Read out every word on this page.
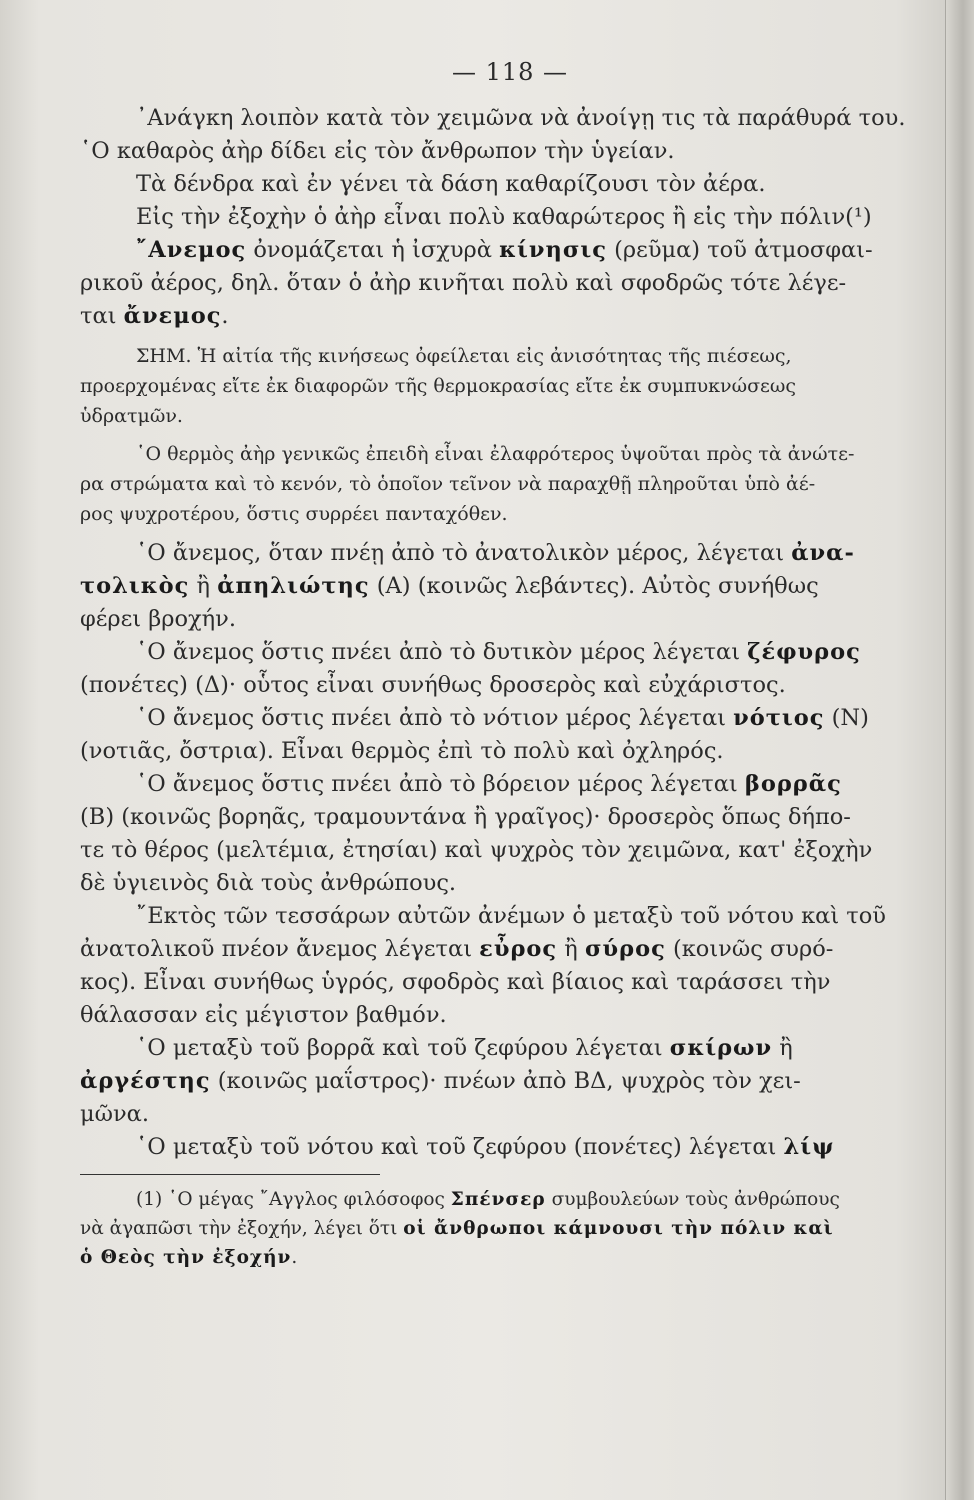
— 118 —
᾿Ανάγκη λοιπὸν κατὰ τὸν χειμῶνα νὰ ἀνοίγῃ τις τὰ παράθυρά του.
῾Ο καθαρὸς ἀὴρ δίδει εἰς τὸν ἄνθρωπον τὴν ὑγείαν.
Τὰ δένδρα καὶ ἐν γένει τὰ δάση καθαρίζουσι τὸν ἀέρα.
Εἰς τὴν ἐξοχὴν ὁ ἀὴρ εἶναι πολὺ καθαρώτερος ἢ εἰς τὴν πόλιν(¹)
῎Ανεμος ὀνομάζεται ἡ ἰσχυρὰ κίνησις (ρεῦμα) τοῦ ἀτμοσφαι-
ρικοῦ ἀέρος, δηλ. ὅταν ὁ ἀὴρ κινῆται πολὺ καὶ σφοδρῶς τότε λέγε-
ται ἄνεμος.
ΣΗΜ. Ἡ αἰτία τῆς κινήσεως ὀφείλεται εἰς ἀνισότητας τῆς πιέσεως,
προερχομένας εἴτε ἐκ διαφορῶν τῆς θερμοκρασίας εἴτε ἐκ συμπυκνώσεως
ὑδρατμῶν.
῾Ο θερμὸς ἀὴρ γενικῶς ἐπειδὴ εἶναι ἐλαφρότερος ὑψοῦται πρὸς τὰ ἀνώτε-
ρα στρώματα καὶ τὸ κενόν, τὸ ὁποῖον τεῖνον νὰ παραχθῇ πληροῦται ὑπὸ ἀέ-
ρος ψυχροτέρου, ὅστις συρρέει πανταχόθεν.
῾Ο ἄνεμος, ὅταν πνέῃ ἀπὸ τὸ ἀνατολικὸν μέρος, λέγεται ἀνα-
τολικὸς ἢ ἀπηλιώτης (Α) (κοινῶς λεβάντες). Αὐτὸς συνήθως
φέρει βροχήν.
῾Ο ἄνεμος ὅστις πνέει ἀπὸ τὸ δυτικὸν μέρος λέγεται ζέφυρος
(πονέτες) (Δ)· οὗτος εἶναι συνήθως δροσερὸς καὶ εὐχάριστος.
῾Ο ἄνεμος ὅστις πνέει ἀπὸ τὸ νότιον μέρος λέγεται νότιος (Ν)
(νοτιᾶς, ὄστρια). Εἶναι θερμὸς ἐπὶ τὸ πολὺ καὶ ὀχληρός.
῾Ο ἄνεμος ὅστις πνέει ἀπὸ τὸ βόρειον μέρος λέγεται βορρᾶς
(Β) (κοινῶς βορηᾶς, τραμουντάνα ἢ γραῖγος)· δροσερὸς ὅπως δήπο-
τε τὸ θέρος (μελτέμια, ἐτησίαι) καὶ ψυχρὸς τὸν χειμῶνα, κατ' ἐξοχὴν
δὲ ὑγιεινὸς διὰ τοὺς ἀνθρώπους.
῎Εκτὸς τῶν τεσσάρων αὐτῶν ἀνέμων ὁ μεταξὺ τοῦ νότου καὶ τοῦ
ἀνατολικοῦ πνέον ἄνεμος λέγεται εὖρος ἢ σύρος (κοινῶς συρό-
κος). Εἶναι συνήθως ὑγρός, σφοδρὸς καὶ βίαιος καὶ ταράσσει τὴν
θάλασσαν εἰς μέγιστον βαθμόν.
῾Ο μεταξὺ τοῦ βορρᾶ καὶ τοῦ ζεφύρου λέγεται σκίρων ἢ
ἀργέστης (κοινῶς μαΐστρος)· πνέων ἀπὸ ΒΔ, ψυχρὸς τὸν χει-
μῶνα.
῾Ο μεταξὺ τοῦ νότου καὶ τοῦ ζεφύρου (πονέτες) λέγεται λίψ
(1) ῾Ο μέγας ῎Αγγλος φιλόσοφος Σπένσερ συμβουλεύων τοὺς ἀνθρώπους
νὰ ἀγαπῶσι τὴν ἐξοχήν, λέγει ὅτι οἱ ἄνθρωποι κάμνουσι τὴν πόλιν καὶ
ὁ Θεὸς τὴν ἐξοχήν.
